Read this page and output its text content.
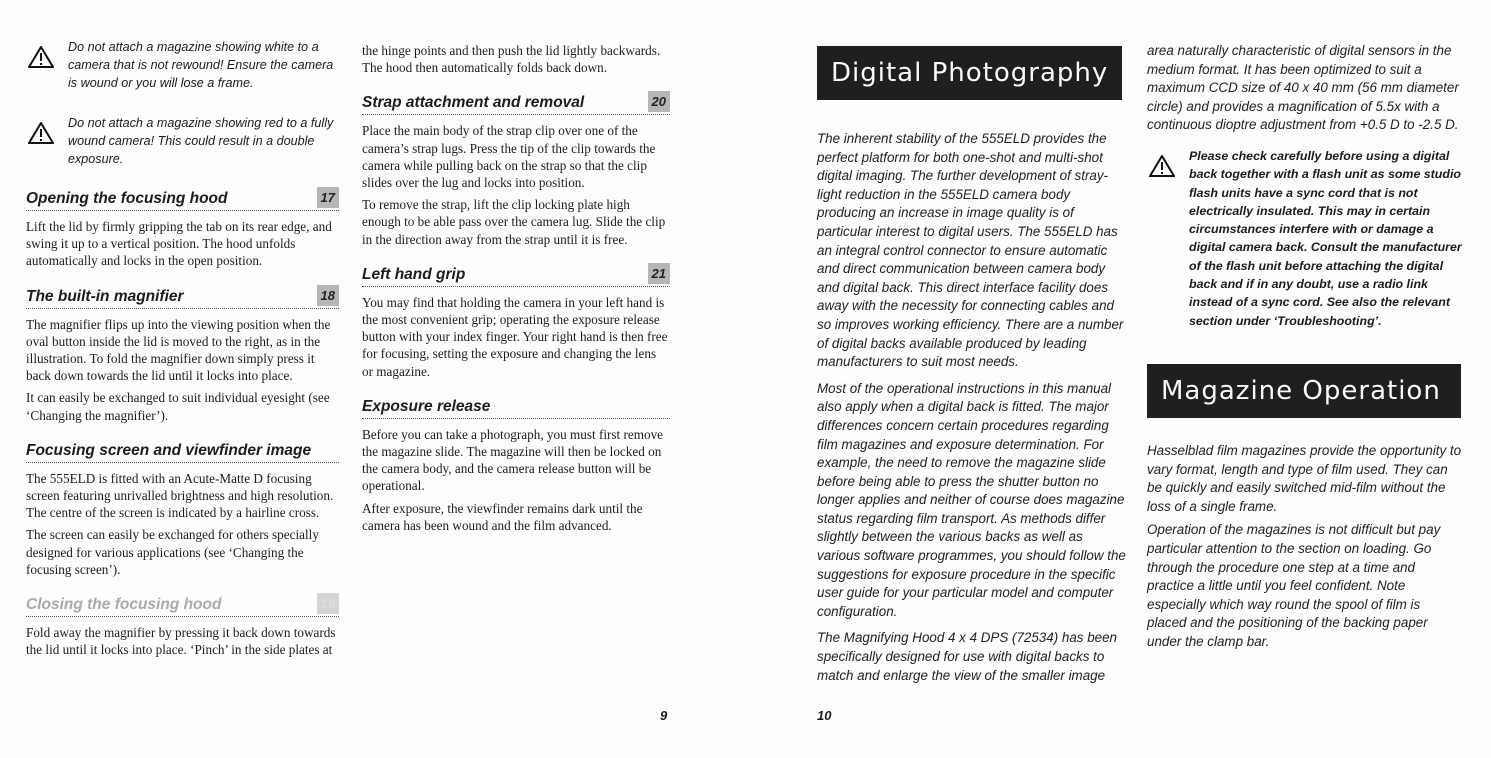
Do not attach a magazine showing white to a camera that is not rewound! Ensure the camera is wound or you will lose a frame.
Do not attach a magazine showing red to a fully wound camera! This could result in a double exposure.
Opening the focusing hood	17

Lift the lid by firmly gripping the tab on its rear edge, and swing it up to a vertical position. The hood unfolds automatically and locks in the open position.

The built-in magnifier	18

The magnifier flips up into the viewing position when the oval button inside the lid is moved to the right, as in the illustration. To fold the magnifier down simply press it back down towards the lid until it locks into place.

It can easily be exchanged to suit individual eyesight (see ‘Changing the magnifier’).

Focusing screen and viewfinder image

The 555ELD is fitted with an Acute-Matte D focusing screen featuring unrivalled brightness and high resolution. The centre of the screen is indicated by a hairline cross.

The screen can easily be exchanged for others specially designed for various applications (see ‘Changing the focusing screen’).

Closing the focusing hood	19

Fold away the magnifier by pressing it back down towards the lid until it locks into place. ‘Pinch’ in the side plates at

the hinge points and then push the lid lightly backwards. The hood then automatically folds back down.

Strap attachment and removal	20

Place the main body of the strap clip over one of the camera’s strap lugs. Press the tip of the clip towards the camera while pulling back on the strap so that the clip slides over the lug and locks into position.

To remove the strap, lift the clip locking plate high enough to be able pass over the camera lug. Slide the clip in the direction away from the strap until it is free.

Left hand grip	21

You may find that holding the camera in your left hand is the most convenient grip; operating the exposure release button with your index finger. Your right hand is then free for focusing, setting the exposure and changing the lens or magazine.

Exposure release

Before you can take a photograph, you must first remove the magazine slide. The magazine will then be locked on the camera body, and the camera release button will be operational.

After exposure, the viewfinder remains dark until the camera has been wound and the film advanced.

9
Digital Photography

The inherent stability of the 555ELD provides the perfect platform for both one-shot and multi-shot digital imaging. The further development of stray-light reduction in the 555ELD camera body producing an increase in image quality is of particular interest to digital users. The 555ELD has an integral control connector to ensure automatic and direct communication between camera body and digital back. This direct interface facility does away with the necessity for connecting cables and so improves working efficiency. There are a number of digital backs available produced by leading manufacturers to suit most needs.

Most of the operational instructions in this manual also apply when a digital back is fitted. The major differences concern certain procedures regarding film magazines and exposure determination. For example, the need to remove the magazine slide before being able to press the shutter button no longer applies and neither of course does magazine status regarding film transport. As methods differ slightly between the various backs as well as various software programmes, you should follow the suggestions for exposure procedure in the specific user guide for your particular model and computer configuration.

The Magnifying Hood 4 x 4 DPS (72534) has been specifically designed for use with digital backs to match and enlarge the view of the smaller image

10

area naturally characteristic of digital sensors in the medium format. It has been optimized to suit a maximum CCD size of 40 x 40 mm (56 mm diameter circle) and provides a magnification of 5.5x with a continuous dioptre adjustment from +0.5 D to -2.5 D.

Please check carefully before using a digital back together with a flash unit as some studio flash units have a sync cord that is not electrically insulated. This may in certain circumstances interfere with or damage a digital camera back. Consult the manufacturer of the flash unit before attaching the digital back and if in any doubt, use a radio link instead of a sync cord. See also the relevant section under ‘Troubleshooting’.
Magazine Operation

Hasselblad film magazines provide the opportunity to vary format, length and type of film used. They can be quickly and easily switched mid-film without the loss of a single frame.

Operation of the magazines is not difficult but pay particular attention to the section on loading. Go through the procedure one step at a time and practice a little until you feel confident. Note especially which way round the spool of film is placed and the positioning of the backing paper under the clamp bar.
